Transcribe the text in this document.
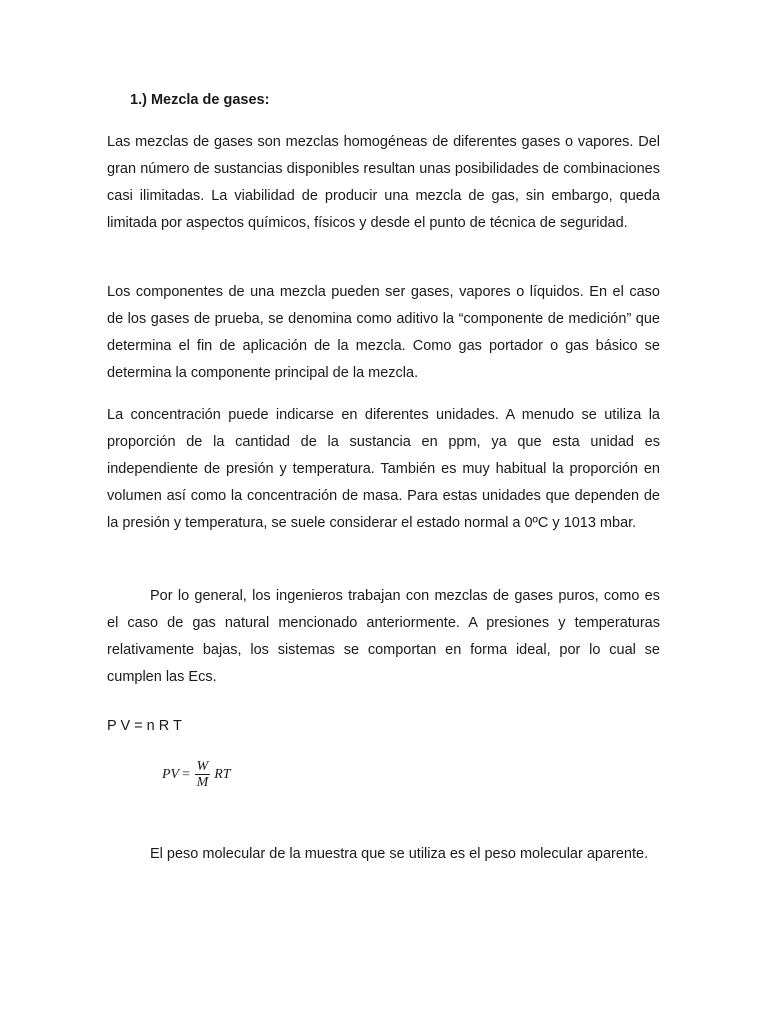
1.) Mezcla de gases:

Las mezclas de gases son mezclas homogéneas de diferentes gases o vapores. Del gran número de sustancias disponibles resultan unas posibilidades de combinaciones casi ilimitadas. La viabilidad de producir una mezcla de gas, sin embargo, queda limitada por aspectos químicos, físicos y desde el punto de técnica de seguridad.

Los componentes de una mezcla pueden ser gases, vapores o líquidos. En el caso de los gases de prueba, se denomina como aditivo la “componente de medición” que determina el fin de aplicación de la mezcla. Como gas portador o gas básico se determina la componente principal de la mezcla.

La concentración puede indicarse en diferentes unidades. A menudo se utiliza la proporción de la cantidad de la sustancia en ppm, ya que esta unidad es independiente de presión y temperatura. También es muy habitual la proporción en volumen así como la concentración de masa. Para estas unidades que dependen de la presión y temperatura, se suele considerar el estado normal a 0ºC y 1013 mbar.

Por lo general, los ingenieros trabajan con mezclas de gases puros, como es el caso de gas natural mencionado anteriormente. A presiones y temperaturas relativamente bajas, los sistemas se comportan en forma ideal, por lo cual se cumplen las Ecs.

P V = n R T

PV = $\frac{W}{M}$ RT

El peso molecular de la muestra que se utiliza es el peso molecular aparente.
